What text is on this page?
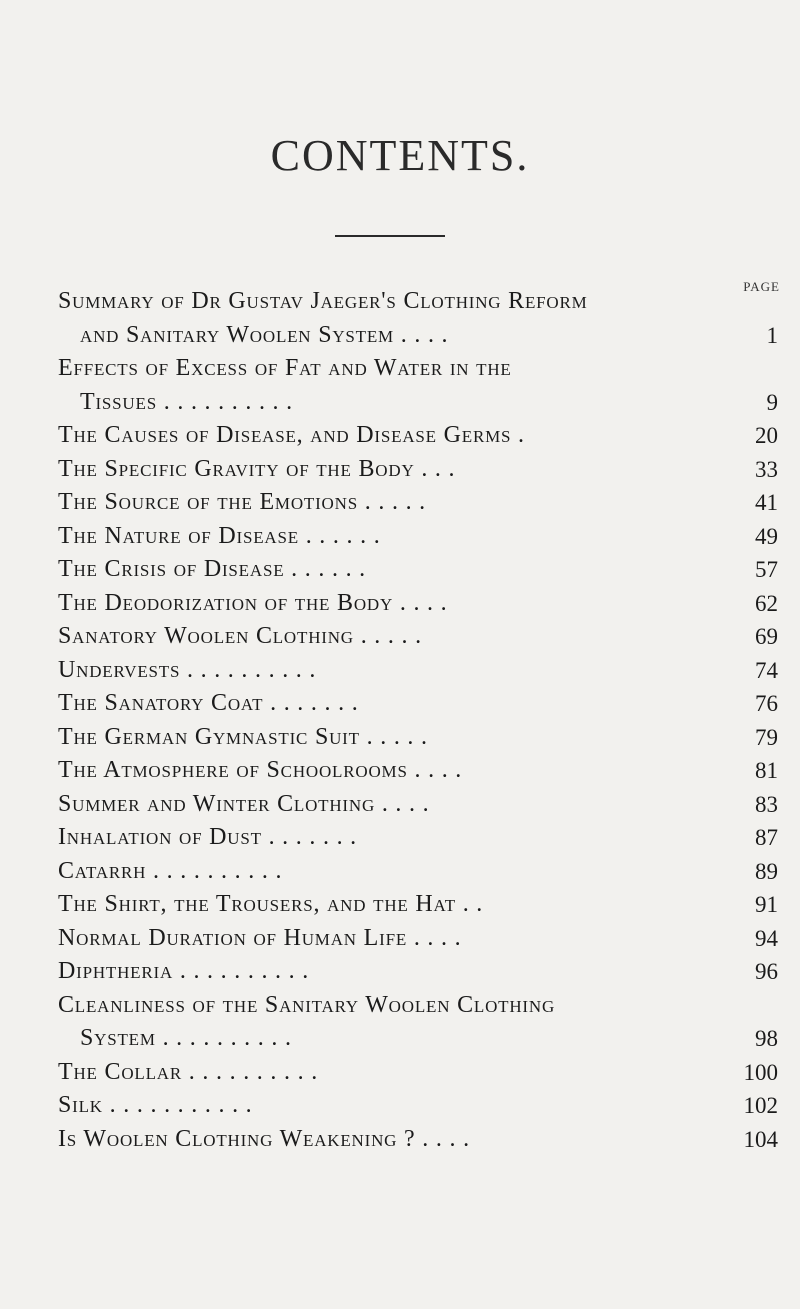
CONTENTS.
PAGE
Summary of Dr Gustav Jaeger's Clothing Reform
and Sanitary Woolen System . . . .	1
Effects of Excess of Fat and Water in the
Tissues . . . . . . . . . .	9
The Causes of Disease, and Disease Germs .	20
The Specific Gravity of the Body . . .	33
The Source of the Emotions . . . . .	41
The Nature of Disease . . . . . .	49
The Crisis of Disease . . . . . .	57
The Deodorization of the Body . . . .	62
Sanatory Woolen Clothing . . . . .	69
Undervests . . . . . . . . . .	74
The Sanatory Coat . . . . . . .	76
The German Gymnastic Suit . . . . .	79
The Atmosphere of Schoolrooms . . . .	81
Summer and Winter Clothing . . . .	83
Inhalation of Dust . . . . . . .	87
Catarrh . . . . . . . . . .	89
The Shirt, the Trousers, and the Hat . .	91
Normal Duration of Human Life . . . .	94
Diphtheria . . . . . . . . . .	96
Cleanliness of the Sanitary Woolen Clothing
System . . . . . . . . . .	98
The Collar . . . . . . . . . .	100
Silk . . . . . . . . . . .	102
Is Woolen Clothing Weakening ? . . . .	104
